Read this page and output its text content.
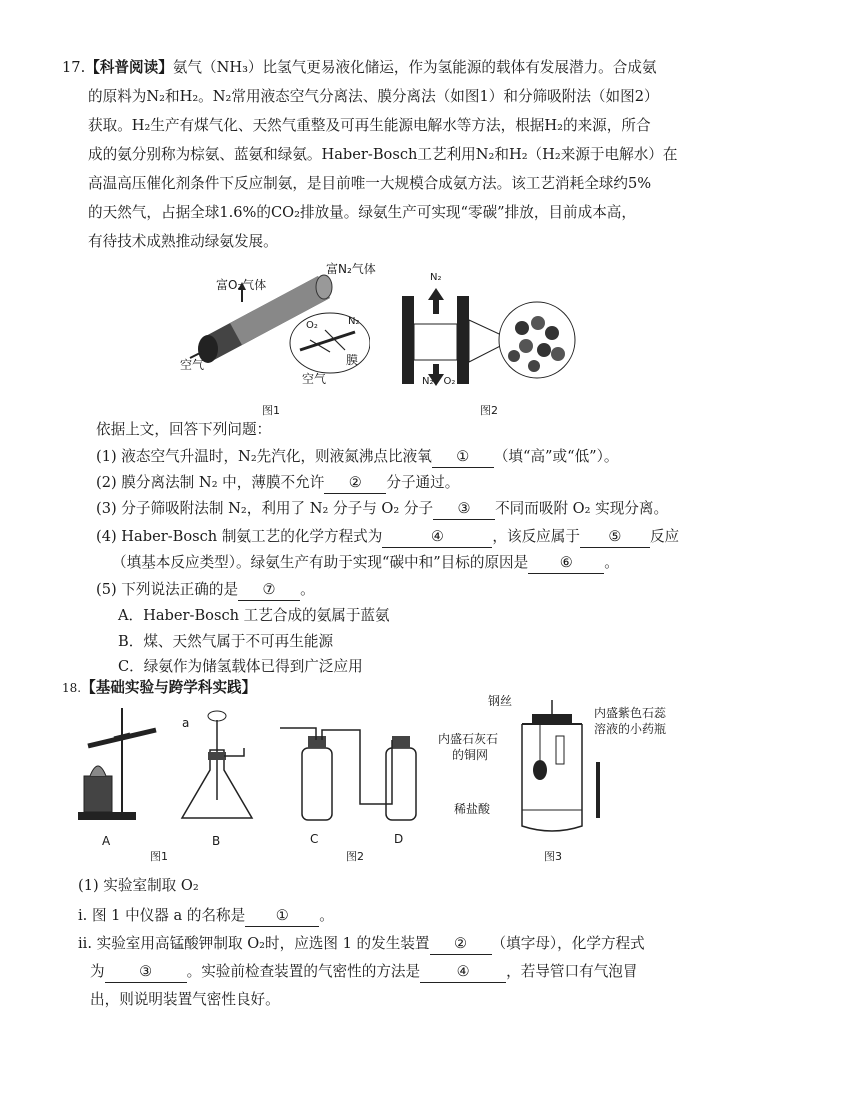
17.【科普阅读】氨气（NH₃）比氢气更易液化储运，作为氢能源的载体有发展潜力。合成氨
的原料为N₂和H₂。N₂常用液态空气分离法、膜分离法（如图1）和分筛吸附法（如图2）
获取。H₂生产有煤气化、天然气重整及可再生能源电解水等方法，根据H₂的来源，所合
成的氨分别称为棕氨、蓝氨和绿氨。Haber-Bosch工艺利用N₂和H₂（H₂来源于电解水）在
高温高压催化剂条件下反应制氨，是目前唯一大规模合成氨方法。该工艺消耗全球约5%
的天然气，占据全球1.6%的CO₂排放量。绿氨生产可实现“零碳”排放，目前成本高，
有待技术成熟推动绿氨发展。
富O₂气体
富N₂气体
空气
空气
膜
O₂	N₂
图1
N₂
N₂、O₂
图2
依据上文，回答下列问题：
(1) 液态空气升温时，N₂先汽化，则液氮沸点比液氧 ① （填“高”或“低”）。
(2) 膜分离法制 N₂ 中，薄膜不允许 ② 分子通过。
(3) 分子筛吸附法制 N₂，利用了 N₂ 分子与 O₂ 分子 ③ 不同而吸附 O₂ 实现分离。
(4) Haber-Bosch 制氨工艺的化学方程式为	④	，该反应属于 ⑤ 反应
（填基本反应类型）。绿氨生产有助于实现“碳中和”目标的原因是 ⑥ 。
(5) 下列说法正确的是 ⑦ 。
A．Haber-Bosch 工艺合成的氨属于蓝氨
B．煤、天然气属于不可再生能源
C．绿氨作为储氢载体已得到广泛应用
18.【基础实验与跨学科实践】
a
A	B	C	D
图1	图2	图3
钢丝
内盛紫色石蕊
溶液的小药瓶
内盛石灰石
的铜网
稀盐酸
(1) 实验室制取 O₂
i. 图 1 中仪器 a 的名称是 ① 。
ii. 实验室用高锰酸钾制取 O₂时，应选图 1 的发生装置 ② （填字母），化学方程式
为 ③ 。实验前检查装置的气密性的方法是 ④ ，若导管口有气泡冒
出，则说明装置气密性良好。
